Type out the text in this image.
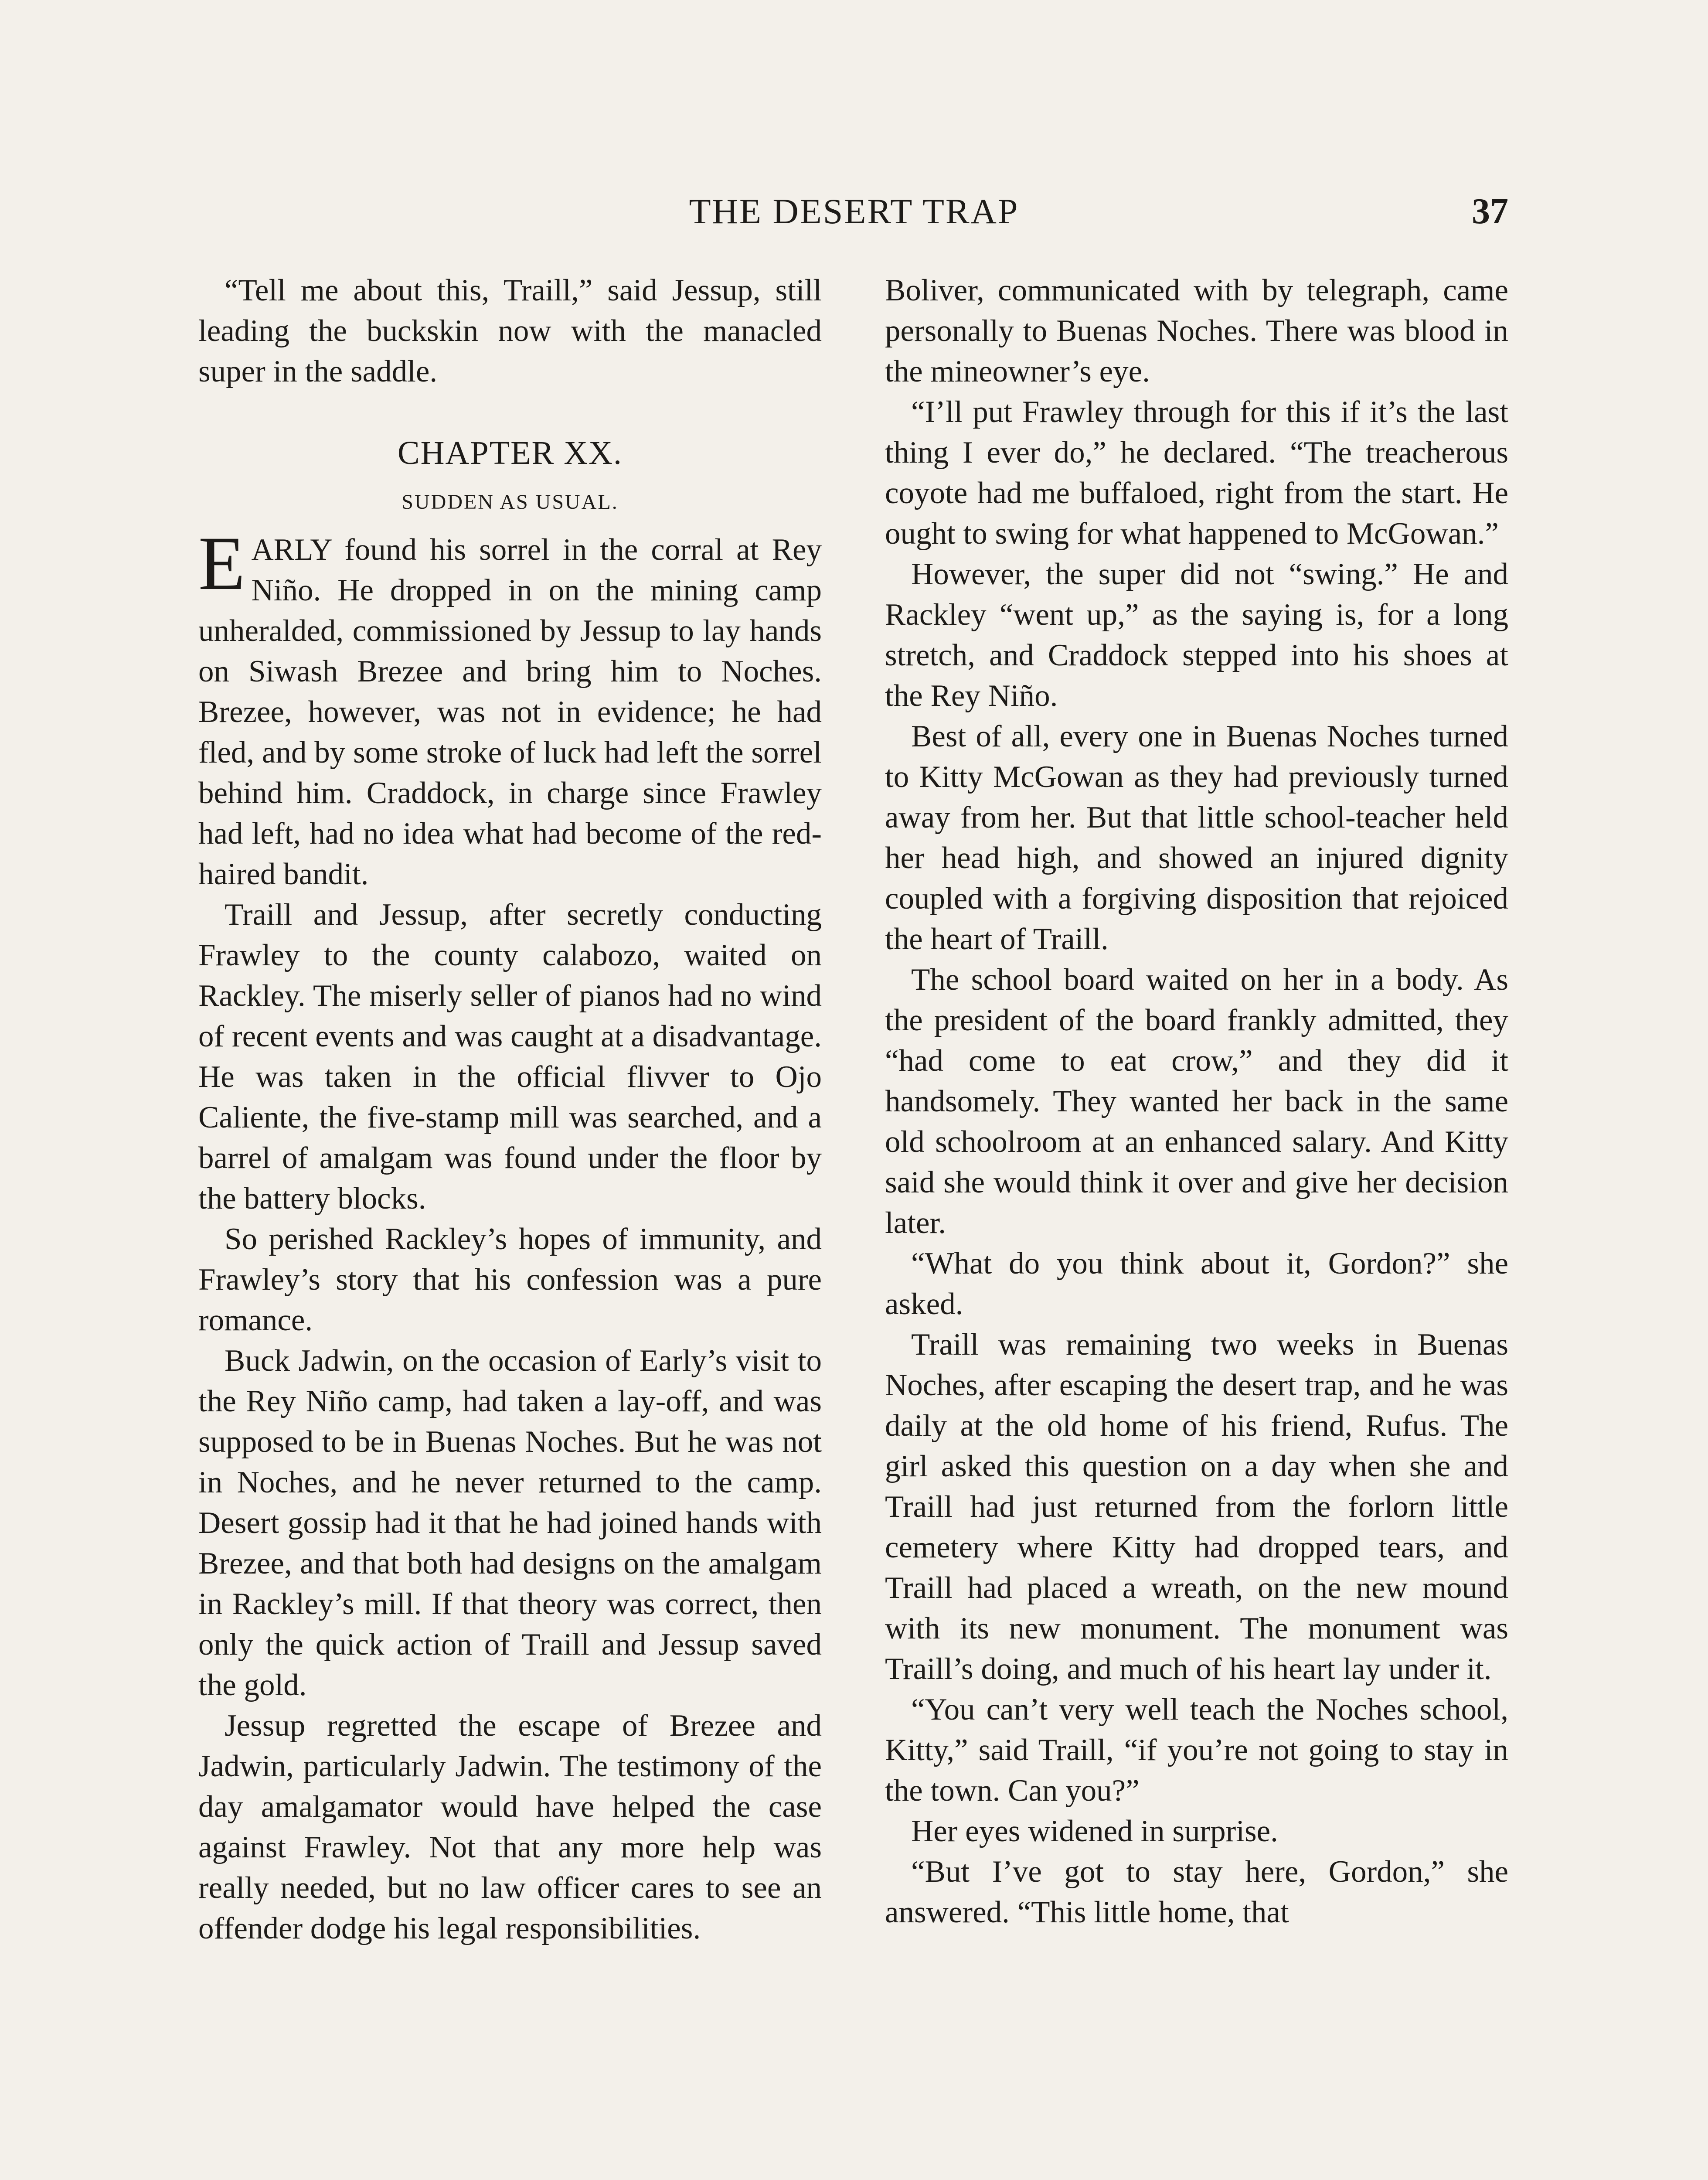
THE DESERT TRAP	37

“Tell me about this, Traill,” said Jessup, still leading the buckskin now with the manacled super in the saddle.

CHAPTER XX.
SUDDEN AS USUAL.

EARLY found his sorrel in the corral at Rey Niño. He dropped in on the mining camp unheralded, commissioned by Jessup to lay hands on Siwash Brezee and bring him to Noches. Brezee, however, was not in evidence; he had fled, and by some stroke of luck had left the sorrel behind him. Craddock, in charge since Frawley had left, had no idea what had become of the red-haired bandit.

Traill and Jessup, after secretly conducting Frawley to the county calabozo, waited on Rackley. The miserly seller of pianos had no wind of recent events and was caught at a disadvantage. He was taken in the official flivver to Ojo Caliente, the five-stamp mill was searched, and a barrel of amalgam was found under the floor by the battery blocks.

So perished Rackley’s hopes of immunity, and Frawley’s story that his confession was a pure romance.

Buck Jadwin, on the occasion of Early’s visit to the Rey Niño camp, had taken a lay-off, and was supposed to be in Buenas Noches. But he was not in Noches, and he never returned to the camp. Desert gossip had it that he had joined hands with Brezee, and that both had designs on the amalgam in Rackley’s mill. If that theory was correct, then only the quick action of Traill and Jessup saved the gold.

Jessup regretted the escape of Brezee and Jadwin, particularly Jadwin. The testimony of the day amalgamator would have helped the case against Frawley. Not that any more help was really needed, but no law officer cares to see an offender dodge his legal responsibilities.

Boliver, communicated with by telegraph, came personally to Buenas Noches. There was blood in the mineowner’s eye.

“I’ll put Frawley through for this if it’s the last thing I ever do,” he declared. “The treacherous coyote had me buffaloed, right from the start. He ought to swing for what happened to McGowan.”

However, the super did not “swing.” He and Rackley “went up,” as the saying is, for a long stretch, and Craddock stepped into his shoes at the Rey Niño.

Best of all, every one in Buenas Noches turned to Kitty McGowan as they had previously turned away from her. But that little school-teacher held her head high, and showed an injured dignity coupled with a forgiving disposition that rejoiced the heart of Traill.

The school board waited on her in a body. As the president of the board frankly admitted, they “had come to eat crow,” and they did it handsomely. They wanted her back in the same old schoolroom at an enhanced salary. And Kitty said she would think it over and give her decision later.

“What do you think about it, Gordon?” she asked.

Traill was remaining two weeks in Buenas Noches, after escaping the desert trap, and he was daily at the old home of his friend, Rufus. The girl asked this question on a day when she and Traill had just returned from the forlorn little cemetery where Kitty had dropped tears, and Traill had placed a wreath, on the new mound with its new monument. The monument was Traill’s doing, and much of his heart lay under it.

“You can’t very well teach the Noches school, Kitty,” said Traill, “if you’re not going to stay in the town. Can you?”

Her eyes widened in surprise.

“But I’ve got to stay here, Gordon,” she answered. “This little home, that
